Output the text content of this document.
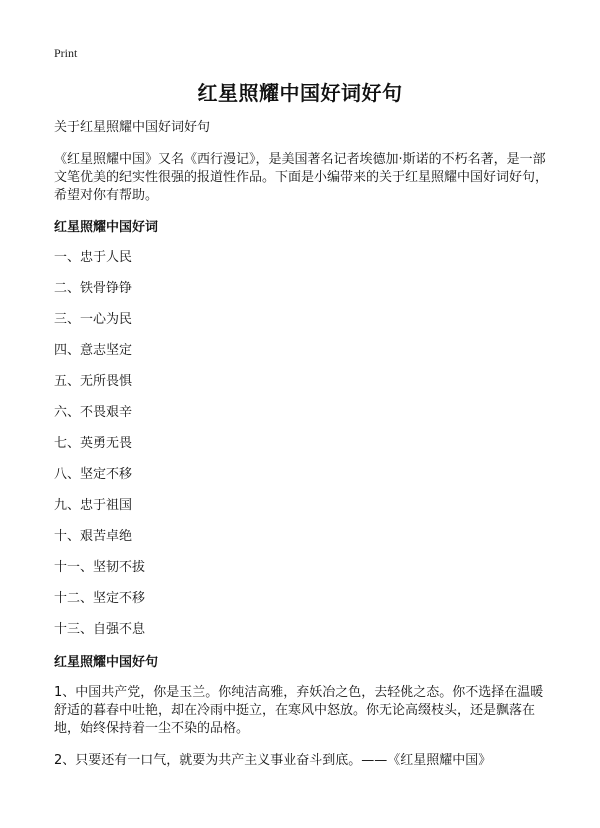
Print
红星照耀中国好词好句

关于红星照耀中国好词好句

《红星照耀中国》又名《西行漫记》，是美国著名记者埃德加·斯诺的不朽名著，是一部文笔优美的纪实性很强的报道性作品。下面是小编带来的关于红星照耀中国好词好句，希望对你有帮助。

红星照耀中国好词

一、忠于人民
二、铁骨铮铮
三、一心为民
四、意志坚定
五、无所畏惧
六、不畏艰辛
七、英勇无畏
八、坚定不移
九、忠于祖国
十、艰苦卓绝
十一、坚韧不拔
十二、坚定不移
十三、自强不息

红星照耀中国好句

1、中国共产党，你是玉兰。你纯洁高雅，弃妖冶之色，去轻佻之态。你不选择在温暖舒适的暮春中吐艳，却在冷雨中挺立，在寒风中怒放。你无论高缀枝头，还是飘落在地，始终保持着一尘不染的品格。

2、只要还有一口气，就要为共产主义事业奋斗到底。——《红星照耀中国》
